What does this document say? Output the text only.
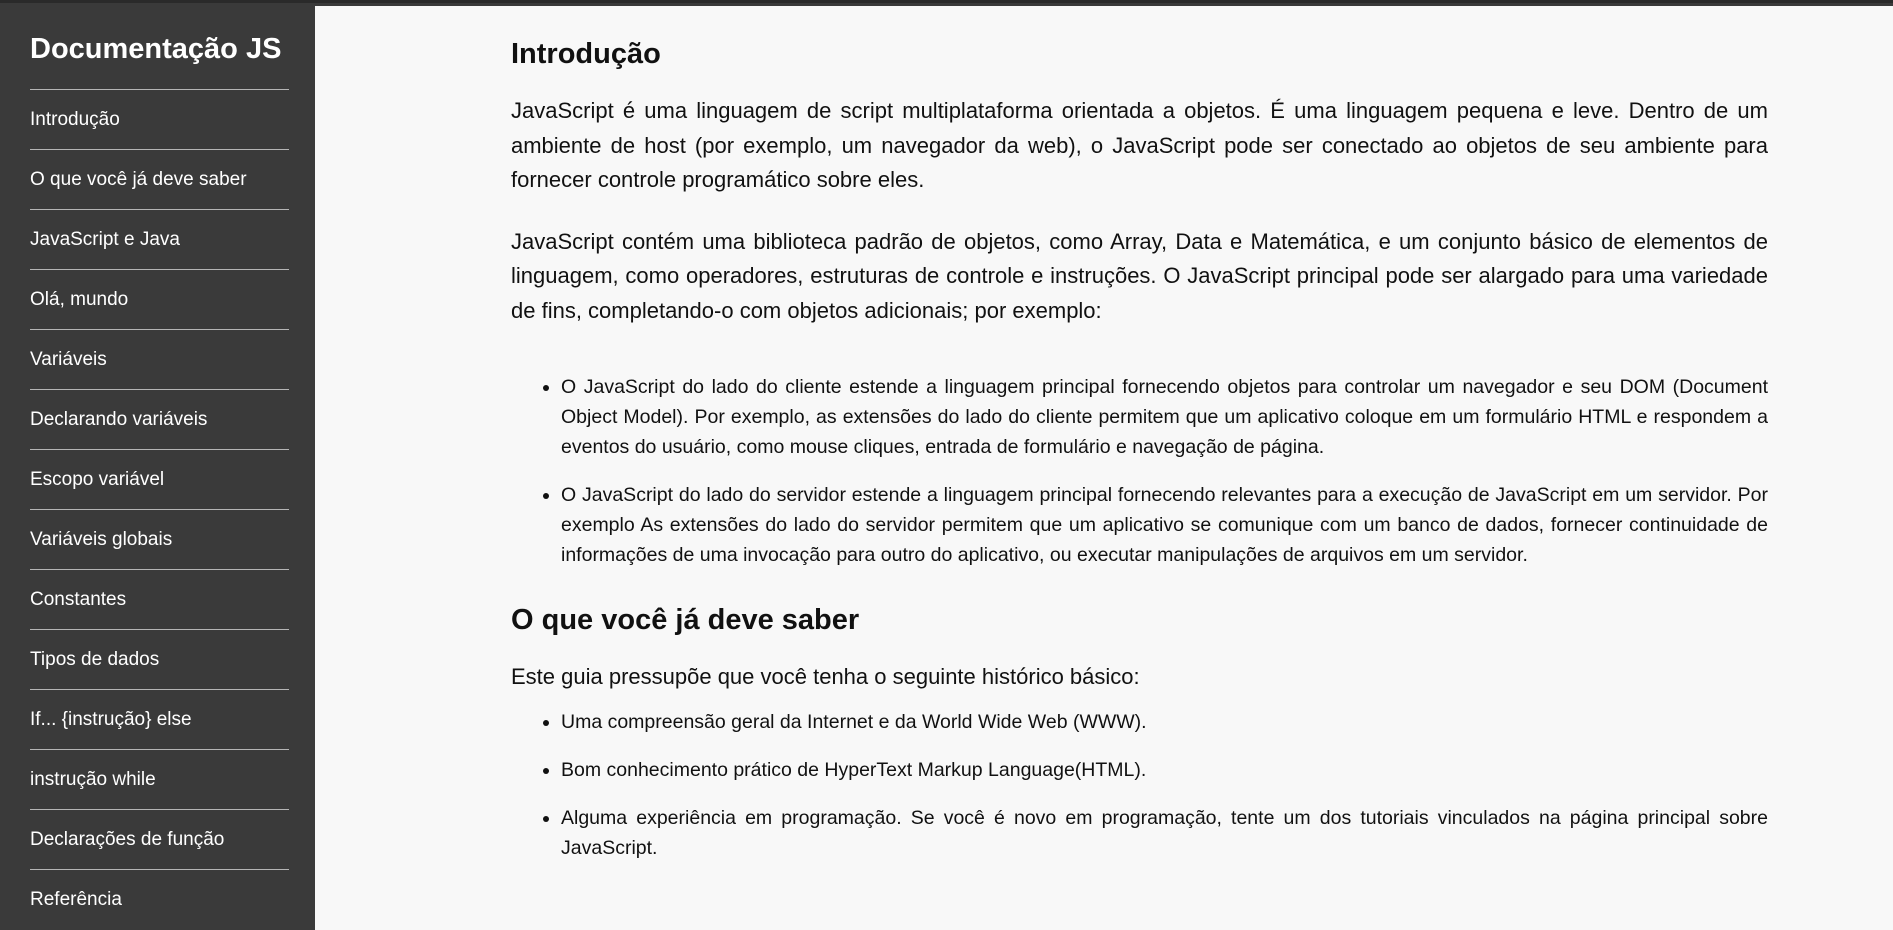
Documentação JS
Introdução
O que você já deve saber
JavaScript e Java
Olá, mundo
Variáveis
Declarando variáveis
Escopo variável
Variáveis globais
Constantes
Tipos de dados
If... {instrução} else
instrução while
Declarações de função
Referência
Introdução

JavaScript é uma linguagem de script multiplataforma orientada a objetos. É uma linguagem pequena e leve. Dentro de um ambiente de host (por exemplo, um navegador da web), o JavaScript pode ser conectado ao objetos de seu ambiente para fornecer controle programático sobre eles.

JavaScript contém uma biblioteca padrão de objetos, como Array, Data e Matemática, e um conjunto básico de elementos de linguagem, como operadores, estruturas de controle e instruções. O JavaScript principal pode ser alargado para uma variedade de fins, completando-o com objetos adicionais; por exemplo:

• O JavaScript do lado do cliente estende a linguagem principal fornecendo objetos para controlar um navegador e seu DOM (Document Object Model). Por exemplo, as extensões do lado do cliente permitem que um aplicativo coloque em um formulário HTML e respondem a eventos do usuário, como mouse cliques, entrada de formulário e navegação de página.
• O JavaScript do lado do servidor estende a linguagem principal fornecendo relevantes para a execução de JavaScript em um servidor. Por exemplo As extensões do lado do servidor permitem que um aplicativo se comunique com um banco de dados, fornecer continuidade de informações de uma invocação para outro do aplicativo, ou executar manipulações de arquivos em um servidor.
O que você já deve saber

Este guia pressupõe que você tenha o seguinte histórico básico:

• Uma compreensão geral da Internet e da World Wide Web (WWW).
• Bom conhecimento prático de HyperText Markup Language(HTML).
• Alguma experiência em programação. Se você é novo em programação, tente um dos tutoriais vinculados na página principal sobre JavaScript.
